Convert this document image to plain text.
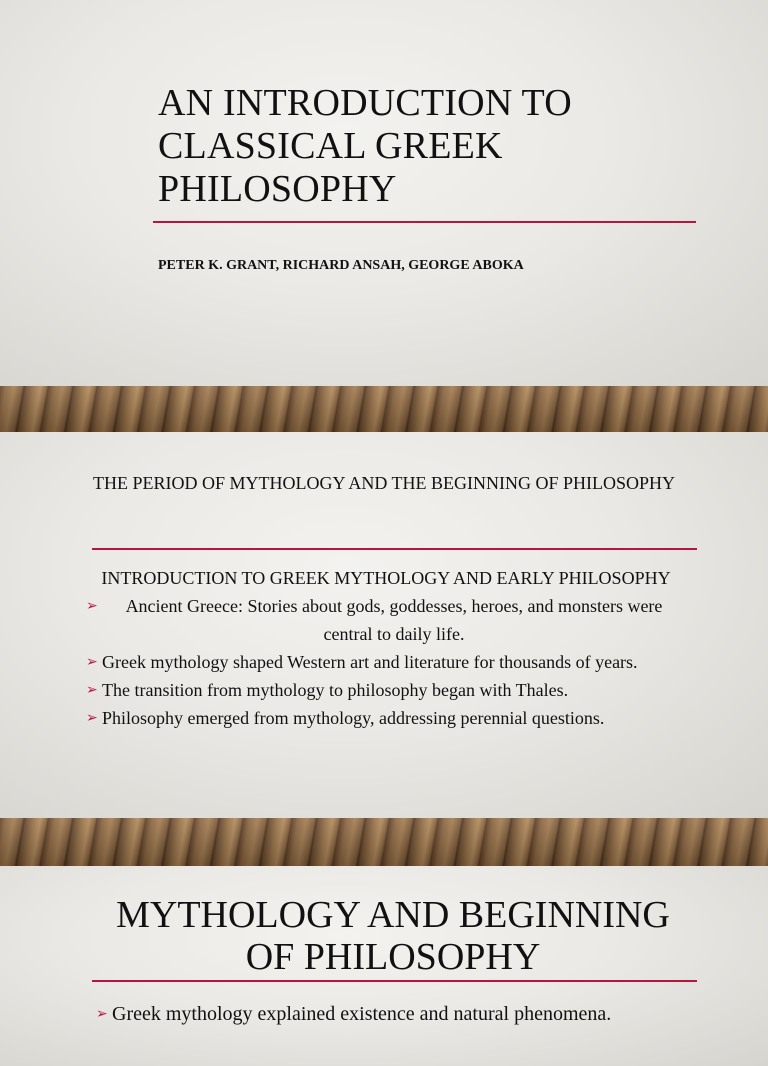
AN INTRODUCTION TO CLASSICAL GREEK PHILOSOPHY

PETER K. GRANT, RICHARD ANSAH, GEORGE ABOKA

THE PERIOD OF MYTHOLOGY AND THE BEGINNING OF PHILOSOPHY
INTRODUCTION TO GREEK MYTHOLOGY AND EARLY PHILOSOPHY
➢ Ancient Greece: Stories about gods, goddesses, heroes, and monsters were central to daily life.
➢ Greek mythology shaped Western art and literature for thousands of years.
➢ The transition from mythology to philosophy began with Thales.
➢ Philosophy emerged from mythology, addressing perennial questions.
MYTHOLOGY AND BEGINNING OF PHILOSOPHY
➢ Greek mythology explained existence and natural phenomena.
